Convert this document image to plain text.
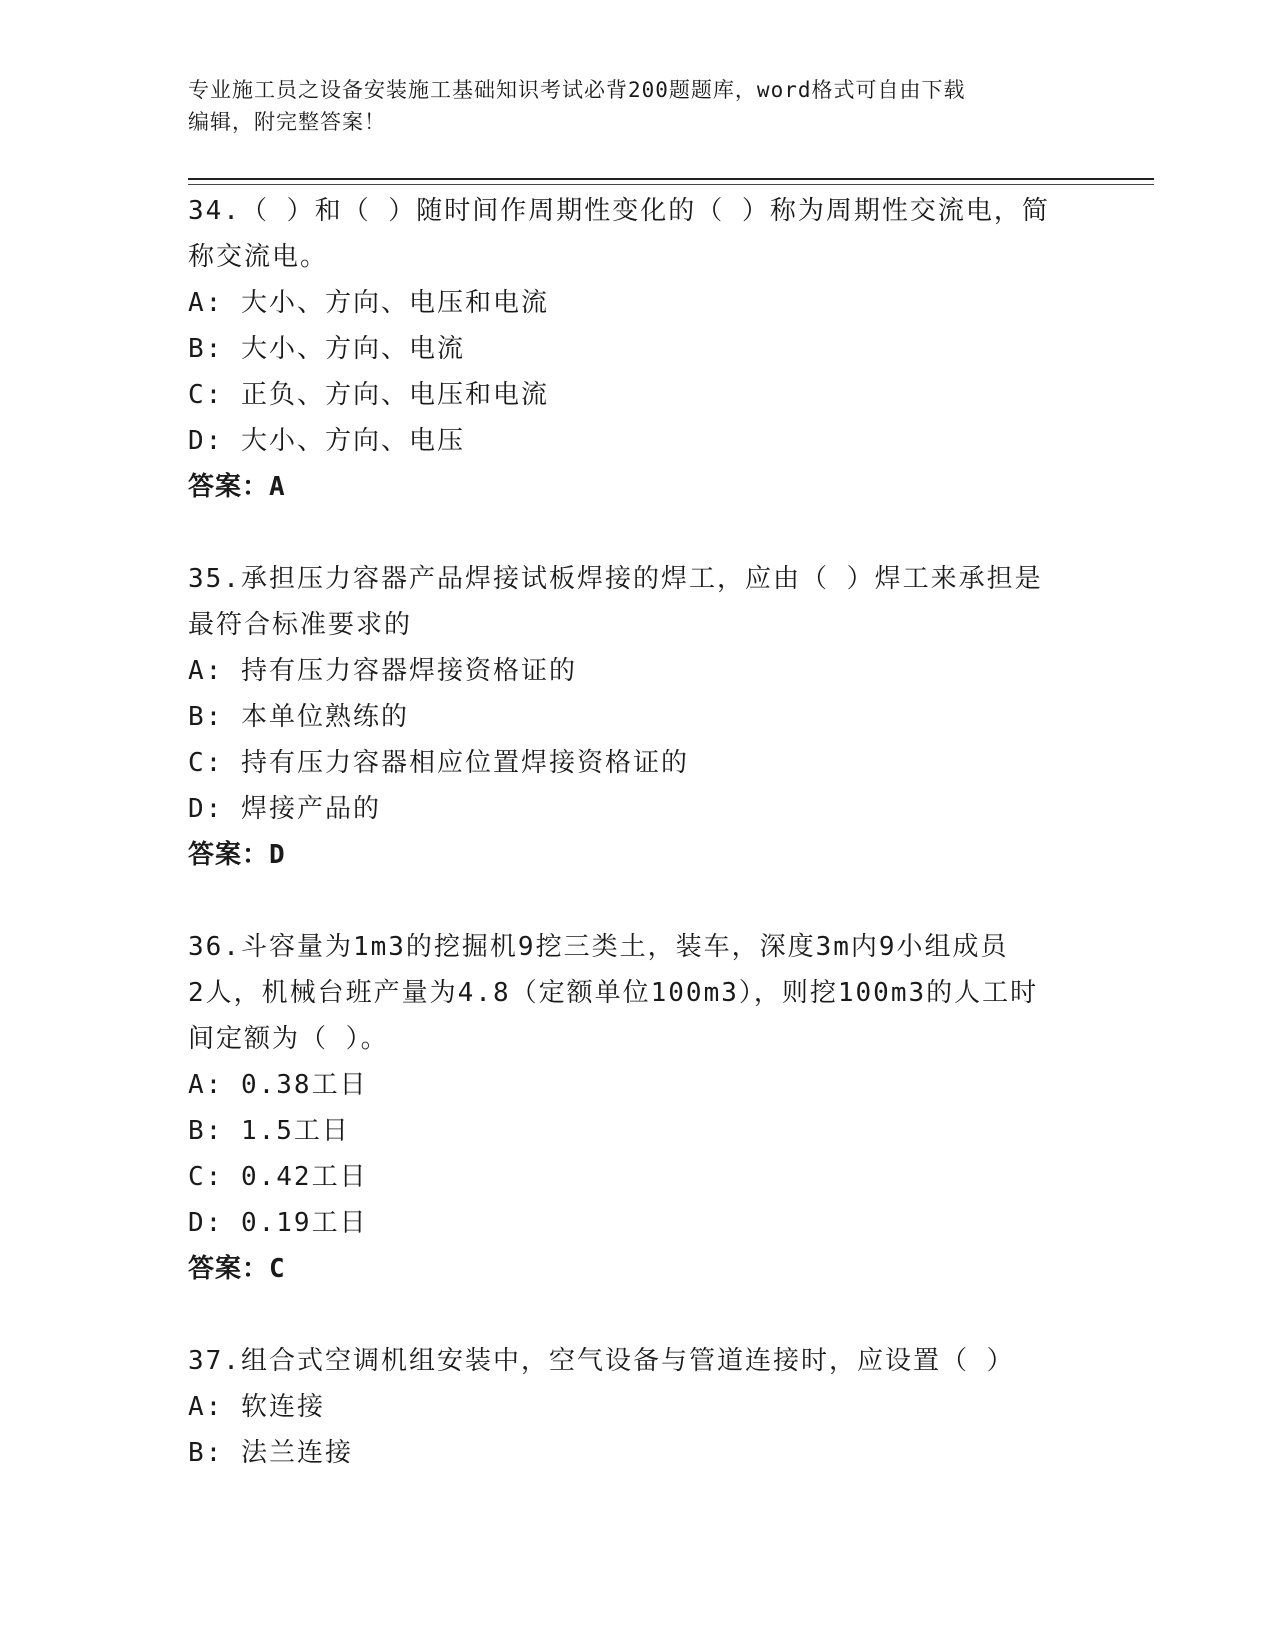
专业施工员之设备安装施工基础知识考试必背200题题库，word格式可自由下载
编辑，附完整答案！
34.（ ）和（ ）随时间作周期性变化的（ ）称为周期性交流电，简
称交流电。
A: 大小、方向、电压和电流
B: 大小、方向、电流
C: 正负、方向、电压和电流
D: 大小、方向、电压
答案：A
35.承担压力容器产品焊接试板焊接的焊工，应由（ ）焊工来承担是
最符合标准要求的
A: 持有压力容器焊接资格证的
B: 本单位熟练的
C: 持有压力容器相应位置焊接资格证的
D: 焊接产品的
答案：D
36.斗容量为1m3的挖掘机9挖三类土，装车，深度3m内9小组成员
2人，机械台班产量为4.8（定额单位100m3），则挖100m3的人工时
间定额为（ ）。
A: 0.38工日
B: 1.5工日
C: 0.42工日
D: 0.19工日
答案：C
37.组合式空调机组安装中，空气设备与管道连接时，应设置（ ）
A: 软连接
B: 法兰连接
